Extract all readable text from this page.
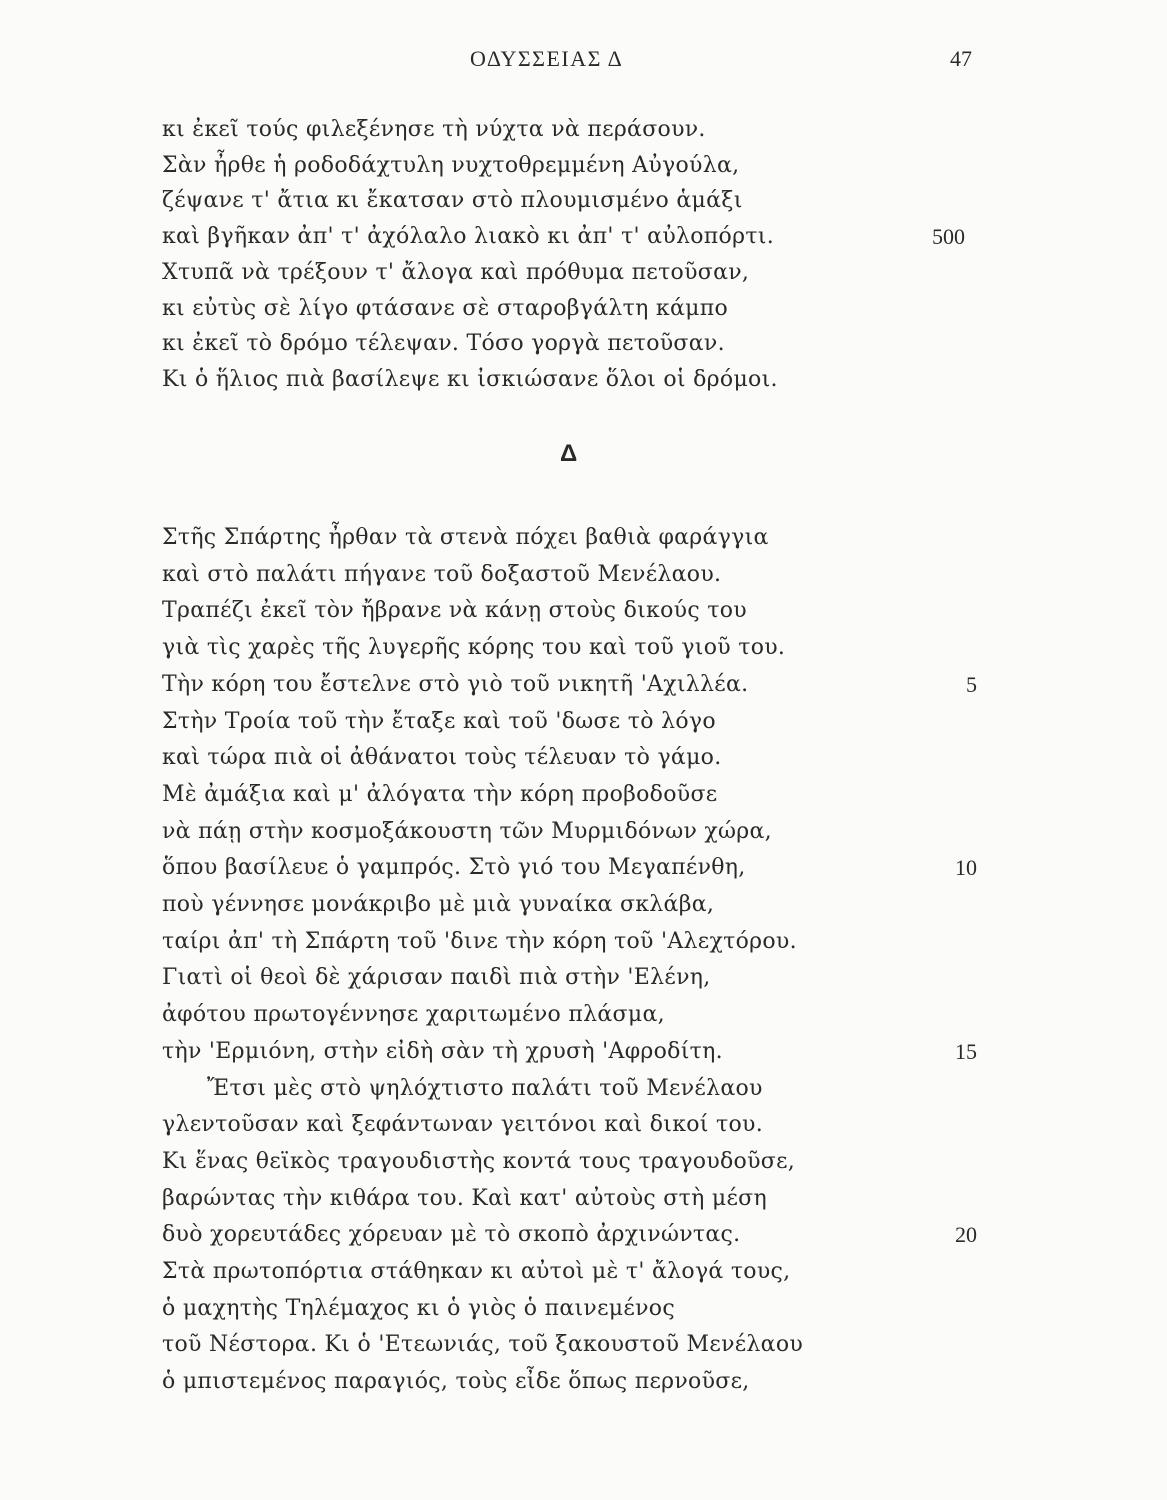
ΟΔΥΣΣΕΙΑΣ Δ	47
κι ἐκεῖ τούς φιλεξένησε τὴ νύχτα νὰ περάσουν.
Σὰν ἦρθε ἡ ροδοδάχτυλη νυχτοθρεμμένη Αὐγούλα,
ζέψανε τ' ἄτια κι ἔκατσαν στὸ πλουμισμένο ἁμάξι
καὶ βγῆκαν ἀπ' τ' ἀχόλαλο λιακὸ κι ἀπ' τ' αὐλοπόρτι.	500
Χτυπᾶ νὰ τρέξουν τ' ἄλογα καὶ πρόθυμα πετοῦσαν,
κι εὐτὺς σὲ λίγο φτάσανε σὲ σταροβγάλτη κάμπο
κι ἐκεῖ τὸ δρόμο τέλεψαν. Τόσο γοργὰ πετοῦσαν.
Κι ὁ ἥλιος πιὰ βασίλεψε κι ἰσκιώσανε ὅλοι οἱ δρόμοι.
Δ
Στῆς Σπάρτης ἦρθαν τὰ στενὰ πόχει βαθιὰ φαράγγια
καὶ στὸ παλάτι πήγανε τοῦ δοξαστοῦ Μενέλαου.
Τραπέζι ἐκεῖ τὸν ἤβρανε νὰ κάνῃ στοὺς δικούς του
γιὰ τὶς χαρὲς τῆς λυγερῆς κόρης του καὶ τοῦ γιοῦ του.
Τὴν κόρη του ἔστελνε στὸ γιὸ τοῦ νικητῆ 'Αχιλλέα.	5
Στὴν Τροία τοῦ τὴν ἔταξε καὶ τοῦ 'δωσε τὸ λόγο
καὶ τώρα πιὰ οἱ ἀθάνατοι τοὺς τέλευαν τὸ γάμο.
Μὲ ἀμάξια καὶ μ' ἀλόγατα τὴν κόρη προβοδοῦσε
νὰ πάῃ στὴν κοσμοξάκουστη τῶν Μυρμιδόνων χώρα,
ὅπου βασίλευε ὁ γαμπρός. Στὸ γιό του Μεγαπένθη,	10
ποὺ γέννησε μονάκριβο μὲ μιὰ γυναίκα σκλάβα,
ταίρι ἀπ' τὴ Σπάρτη τοῦ 'δινε τὴν κόρη τοῦ 'Αλεχτόρου.
Γιατὶ οἱ θεοὶ δὲ χάρισαν παιδὶ πιὰ στὴν 'Ελένη,
ἀφότου πρωτογέννησε χαριτωμένο πλάσμα,
τὴν 'Ερμιόνη, στὴν εἰδὴ σὰν τὴ χρυσὴ 'Αφροδίτη.	15
Ἔτσι μὲς στὸ ψηλόχτιστο παλάτι τοῦ Μενέλαου
γλεντοῦσαν καὶ ξεφάντωναν γειτόνοι καὶ δικοί του.
Κι ἕνας θεϊκὸς τραγουδιστὴς κοντά τους τραγουδοῦσε,
βαρώντας τὴν κιθάρα του. Καὶ κατ' αὐτοὺς στὴ μέση
δυὸ χορευτάδες χόρευαν μὲ τὸ σκοπὸ ἀρχινώντας.	20
Στὰ πρωτοπόρτια στάθηκαν κι αὐτοὶ μὲ τ' ἄλογά τους,
ὁ μαχητὴς Τηλέμαχος κι ὁ γιὸς ὁ παινεμένος
τοῦ Νέστορα. Κι ὁ 'Ετεωνιάς, τοῦ ξακουστοῦ Μενέλαου
ὁ μπιστεμένος παραγιός, τοὺς εἶδε ὅπως περνοῦσε,
